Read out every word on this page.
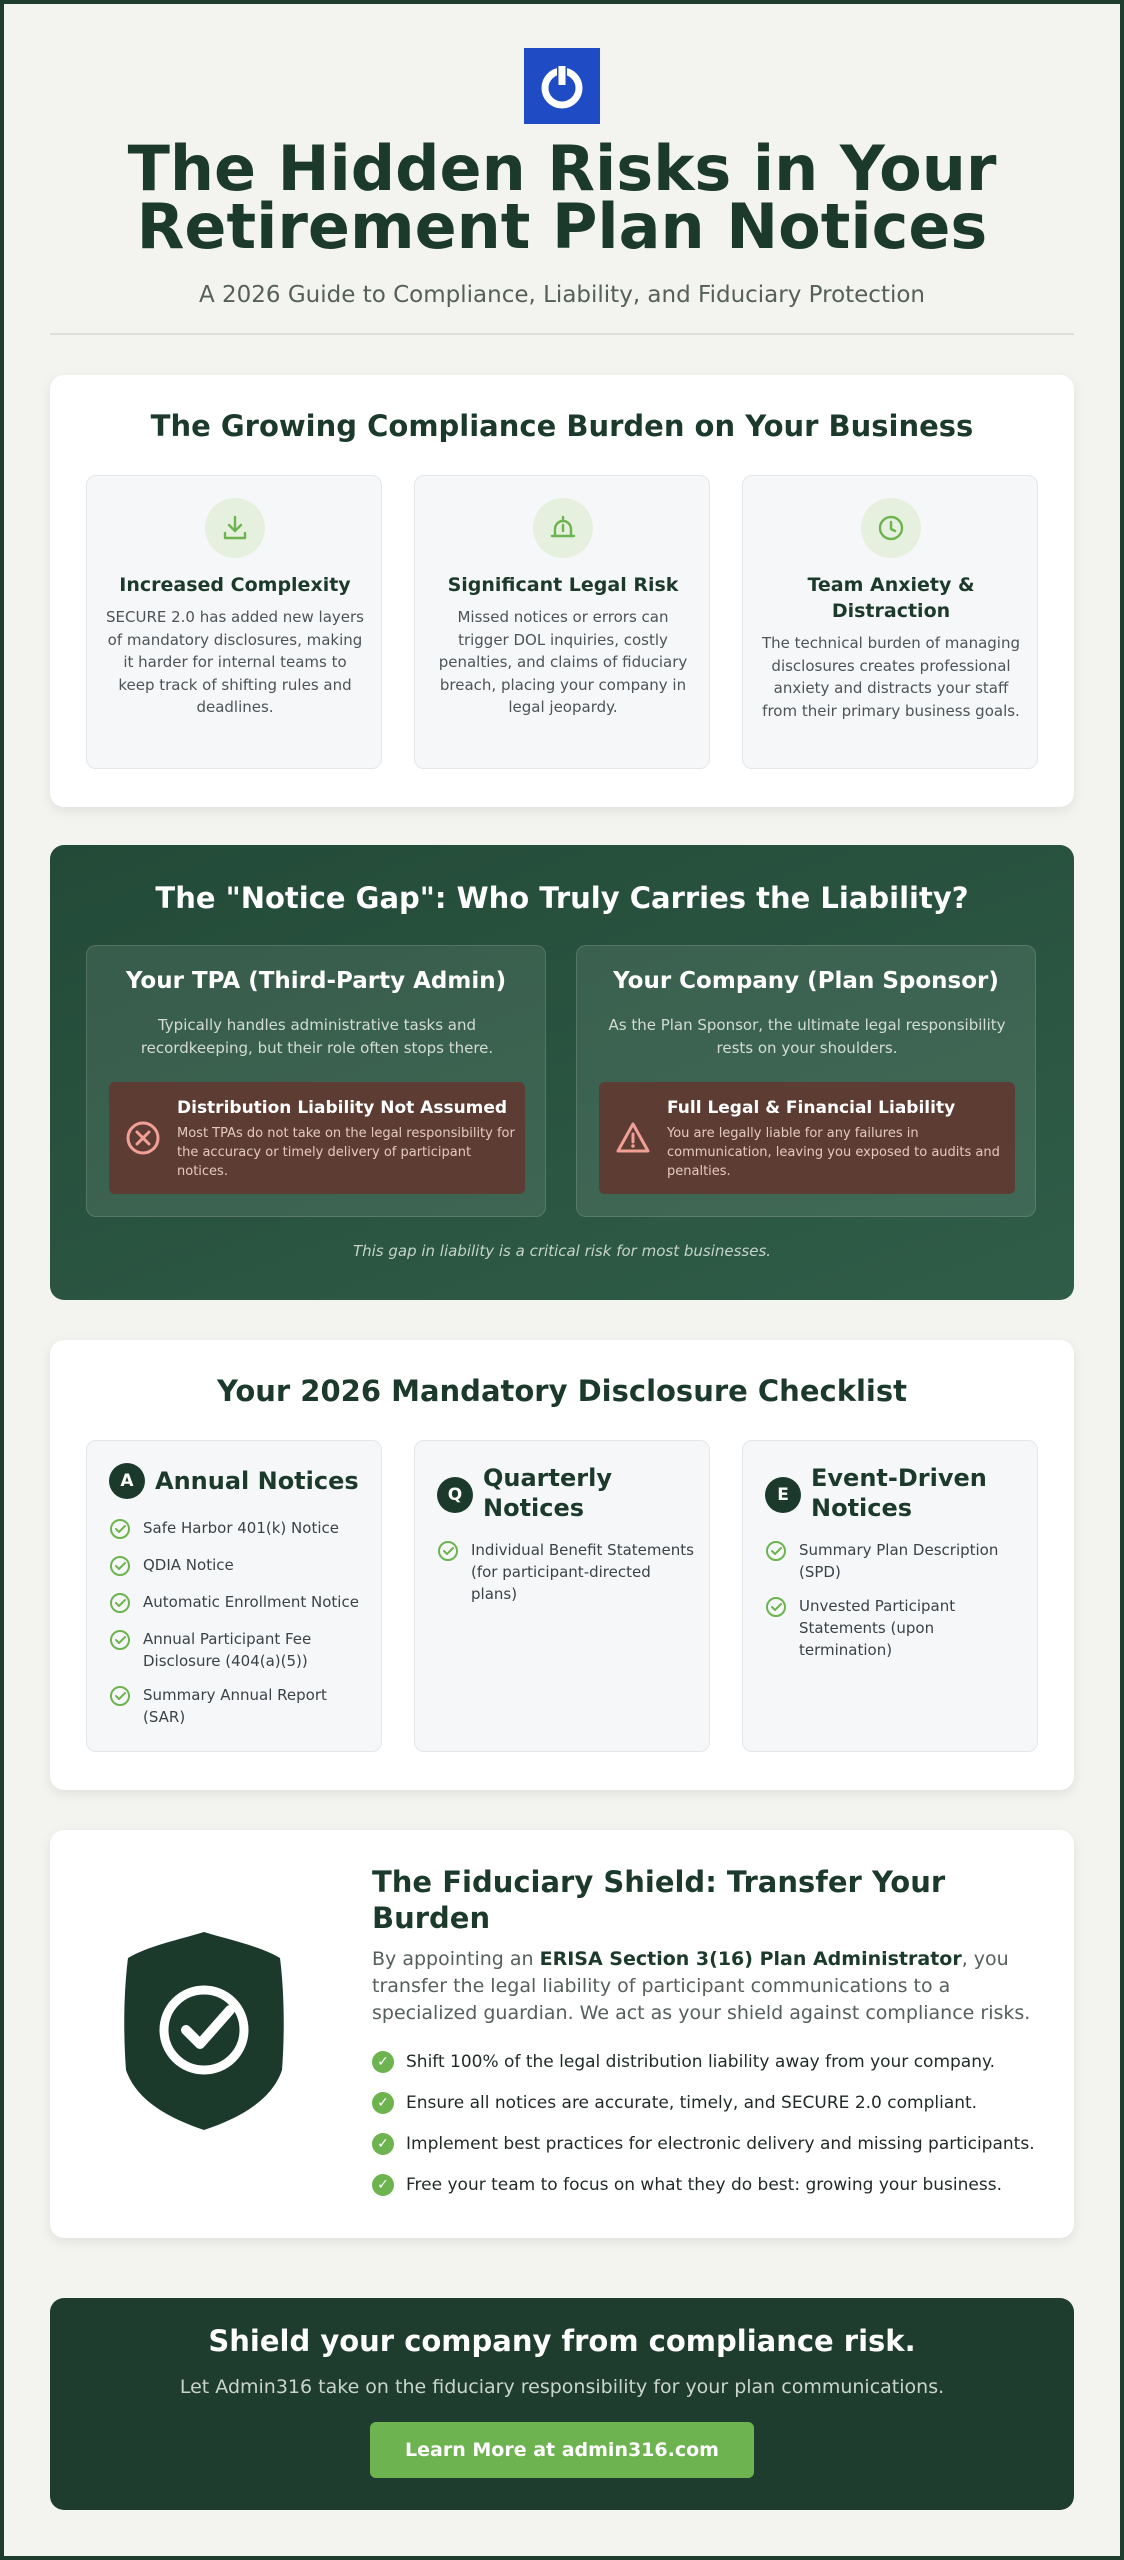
The Hidden Risks in Your
Retirement Plan Notices
A 2026 Guide to Compliance, Liability, and Fiduciary Protection
The Growing Compliance Burden on Your Business
Increased Complexity
SECURE 2.0 has added new layers of mandatory disclosures, making it harder for internal teams to keep track of shifting rules and deadlines.
Significant Legal Risk
Missed notices or errors can trigger DOL inquiries, costly penalties, and claims of fiduciary breach, placing your company in legal jeopardy.
Team Anxiety &
Distraction
The technical burden of managing disclosures creates professional anxiety and distracts your staff from their primary business goals.
The "Notice Gap": Who Truly Carries the Liability?
Your TPA (Third-Party Admin)
Typically handles administrative tasks and recordkeeping, but their role often stops there.
Distribution Liability Not Assumed
Most TPAs do not take on the legal responsibility for the accuracy or timely delivery of participant notices.
Your Company (Plan Sponsor)
As the Plan Sponsor, the ultimate legal responsibility rests on your shoulders.
Full Legal & Financial Liability
You are legally liable for any failures in communication, leaving you exposed to audits and penalties.
This gap in liability is a critical risk for most businesses.
Your 2026 Mandatory Disclosure Checklist
A Annual Notices
Safe Harbor 401(k) Notice
QDIA Notice
Automatic Enrollment Notice
Annual Participant Fee Disclosure (404(a)(5))
Summary Annual Report (SAR)
Q
Quarterly
Notices
Individual Benefit Statements (for participant-directed plans)
E
Event-Driven
Notices
Summary Plan Description (SPD)
Unvested Participant Statements (upon termination)
The Fiduciary Shield: Transfer Your Burden
By appointing an ERISA Section 3(16) Plan Administrator, you transfer the legal liability of participant communications to a specialized guardian. We act as your shield against compliance risks.
✓	Shift 100% of the legal distribution liability away from your company.
✓	Ensure all notices are accurate, timely, and SECURE 2.0 compliant.
✓	Implement best practices for electronic delivery and missing participants.
✓	Free your team to focus on what they do best: growing your business.
Shield your company from compliance risk.
Let Admin316 take on the fiduciary responsibility for your plan communications.
Learn More at admin316.com
